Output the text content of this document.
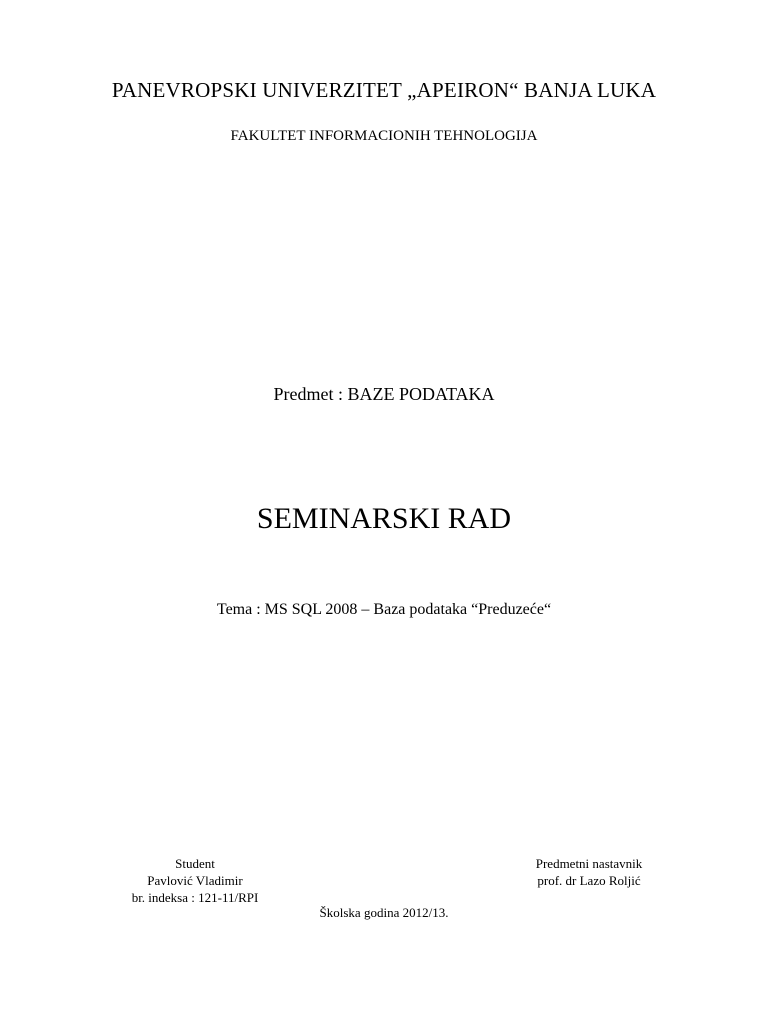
PANEVROPSKI UNIVERZITET „APEIRON“ BANJA LUKA
FAKULTET INFORMACIONIH TEHNOLOGIJA
Predmet : BAZE PODATAKA
SEMINARSKI RAD
Tema : MS SQL 2008 – Baza podataka “Preduzeće“
Student
Pavlović Vladimir
br. indeksa : 121-11/RPI
Predmetni nastavnik
prof. dr Lazo Roljić
Školska godina 2012/13.
